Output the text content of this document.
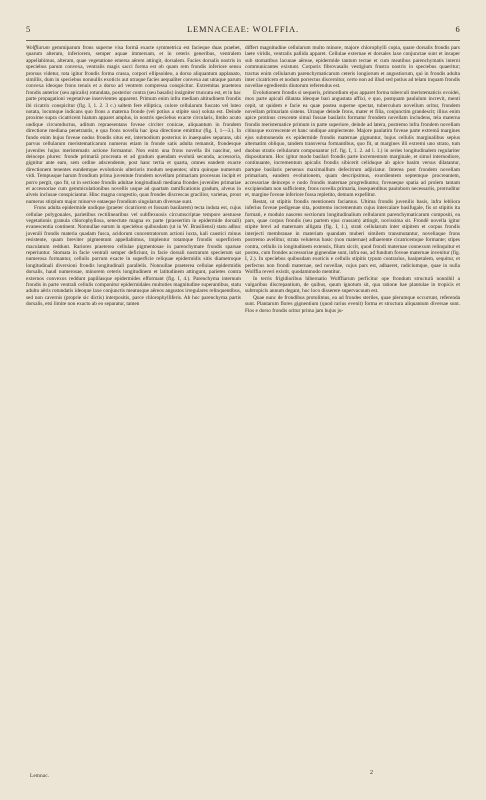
5	LEMNACEAE: WOLFFIA.	6

Wolffiarum gemmiparum frons superne visa formā exacte symmetrica est facieque duas praebet, quarum alteram, inferiorem, semper aquae immersam, et in ceteris generibus, ventralem appellabimus, alteram, quae vegetatione emersa aërem attingit, dorsalem. Facies dorsalis nostris in speciebus parum convexa, ventralis magis sacci forma est ob quam rem frondis inferiore sensu prorsus videtur, tota igitur frondis forma crassa, corpori ellipsoideo, a dorso aliquantum applanato, simillis, dum in speciebus nonnullis exoticis aut utraque facies aequaliter convexa aut utraque parum convexa ideoque frons tenuis et a dorso ad ventrem compressa conspicitur. Extremitas praeterea frondis anterior (seu apicalis) rotundata, posterior contra (seu basalis) insigniter truncata est, et in hac parte propagationi vegetativae inservientes apparent. Primum enim infra mediam altitudinem frondis ibi cicatrix conspicitur (fig. I, 1. 2. 3 c.) saltem fere elliptica, colore cellularum fuscato vel luteo notata, locumque indicans quo frons a materna fronde (vel potius a stipite suo) soluta est. Deinde proxime supra cicatricem hiatum apparet amplus, in nostris speciebus exacte circularis, limbo acuto undique circumductus, aditum repraesentans foveae circiter conicae, aliquantum in frondem directione mediana penetrantis, e qua frons novella hac ipsa directione emittitur (fig. I, 1—3.). In fundo enim hujus foveae nodus frondis situs est, internodium posterius in inaequales separans, ubi parvus cellularum meristematicarum numerus etiam in fronde satis adulta remansit, frondesque juveniles hujus meristematis actione formantur. Non enim una frons novella ibi nascitur, sed deinceps plures: fronde primariā procreata et ad gradum quendam evolutā secunda, accessoria, gignitur ante eam, sem ordine adscendente, post hanc tertia et quarta, omnes eandem exacte directionem tenentes eundemque evolutionis ulterioris modum sequentes; ultra quinque numerum vidi. Tempusque harum frondium prima juventute frondem novellam primariam processus incipit et porro pergit, quo fit, ut in sectione frondis adultae longitudinali mediana frondes juveniles primariae et accessoriae cum gemmiculationibus novellis usque ad quartam ramificationis gradum, alveus in alveis inclusae conspiciantur. Hinc magna congestio, quas frondes discrescas gracilior, varietas, prout numerus stirpium major minorve eataeque frondium singularum diversae sunt.

Frons adulta epidermide undique (praeter cicatricem et fossam basilarem) tecta induta est, cujus cellulae polygonales, parietibus rectilinearibus vel subflexuosis circumscriptae tempore aestuose vegetationis granula chlorophyllosa, senectute magna ex parte (praesertim in epidermide dorsali) evanescentia continent. Nonnullae earum in speciebus quibusdam (ut in W. Brasiliensi) statu adhuc juvenili frondis materia quadam fusca, acidorum concentratorum actioni iuxta, kali caustici minus resistente, quam breviter pigmentum appellabimus, implentur totamque frondis superficiem maculatum reddunt. Rariores praeterea cellulae pigmentosae in parenchymate frondis sparsae reperiuntur. Stomata in facie ventrali semper deficiunt, in facie dorsali nostrarum specierum sat numerosa formantur, cellulis porrum exacte in superficie reliquae epidermidis sitis diametroque longitudinali diversioni frondis longitudinali parallelis. Nonnullae praeterea cellulae epidermidis dorsalis, haud numerosae, minorem ceteris longitudinem et latitudinem attingunt, parietes contra externos convexos reddunt papillasque epidermides efformant (fig. I, 4.). Parenchyma internum frondis in parte ventrali cellulis componitur epidermidales multoties magnitudine superantibus, statu adulto aëris rotundatis ideoque laxe conjunctis meatusque aëreos angustos irregulares relinquentibus, sed non cavernis (proprie sic dictis) interpositis, parce chlorophylliferis. Ab hoc parenchyma partis dorsalis, etsi limite non exacto ab eo separatur, tamen

differt magnitudine cellularum multo minore, majore chlorophylli copia, quare dorsalis frondis pars laete viridis, ventralis pallida apparet. Cellulae externae et dorsales laxe conjunctae sunt et insuper sub stomatibus lacunae aëreae, epidermide tantum tectae et cum meatibus parenchymatis interni communicantes existunt. Corporis fibrovasalis vestigium frustra nostris in speciebus quaeritur; tractus enim cellularum parenchymaticarum ceteris longiorum et angustiorum, qui in frondis adulta inter cicatricem et nodum porrectus discernitur, certo non ad illud sed potius ad telam inquam frondis novellae egredientis diutorum referendus est.

Evolutionem frondis si sequeris, primordium ejus apparet forma tuberculi meristematicis ovoidei, mox parte apicali dilatata ideoque basi angustata affixi, e quo, postquam paululum increvit, menti cepit, ut quidem e facie ea quae postea superne spectat, tuberculum novellum oritur, frondem novellam primariam sistens. Utraque deinde frons, mater et filia, conjunctim grandescit; illius enim apice protinus crescente simul fossae basilaris formatur frondem novellam includens, tela materna frondis meristematice primum in parte superiore, deinde ad latera, postremo infra frondem novellam citiusque excrescente et hanc undique amplectente. Majore paulatim foveae parte extremā margines ejus submonendo ex epidermide frondis maternae gignuntur, hujus cellulis marginalibus sepius alternatim obliquo, tandem transversa formantibus, quo fit, ut margines illi extremi uno strato, tum duobus stratis cellularum componantur (cf. fig. I, 1. 2. ad l. 1.) in series longitudinalem regulariter dispositarum. Hoc igitur modo basilari frondis parte incrementum marginale, et simul internodiore, continuante, incrementum apicalis frondis sibicerit celiduque ab apice basim versus dilatantur, partque basilaris persenus maximaillum defecitrum adjiciatur. Interea post frondem novellam primariam, eandem evolutionem, quam descripsimus, exordientem septemque procreantem, accessoriae deinceps e nodo frondis maternae progrediuntur, foveaeque spatia ad prolem tantam excipiendam non sufficiente, frons novella primaria, insequentibus pauloborn necessariis, protruditur et, margine foveae inferiore fossa repletito, demum expellitur.

Restat, ut stipitis frondis mentionem faciamus. Ultima frondis juvenilis basis, infra lebliora inferius foveae pedigenae sita, postremo incrementum cujus intercalare basifugale, fis ut stipitis ita formati, e modulo nascens sectiorum longitudinalium cellularum parenchymaticarum compositi, ea pars, quae corpus frondis (seu partem ejus crassam) attingit, novissima sit. Frondē novella igitur stipite brevi ad maternam alligata (fig. I, 1.), strati cellularum inter stipitem et corpus frondis interjecti membranae in materiam quandam muberi similem transmutantur, novellaque frons postremo avellitur, strata veluterus basic (non maternae) adhaerente cicatricemque formante; stipes contra, cellulis in longitudinem extensis, filum siccit, quod frondi maternae connexum relinquitur et postea, cum frondes accessoriae gignendae sunt, infra eas, ad fundum foveae maternae invenitur (fig. I, 2.). In speciebus quibusdam exoticis e cellulis stipitis typum contrarius, basipetalem, sequitur, et perfectus non frondi maternae, sed novellae, cujus pars est, adhaeret, radiciumque, quae in nulla Wolffia reveri existit, quodammodo mentitur.

In terris frigidioribus hibernatio Wolffiarum perficitur ope frondum structurā nonnihil a vulgaribus discrepantium, de quibus, quum ignotum sit, qua ratione hae plantulae in tropicis et subtropicis annum degant, hoc loco disserere supervacuum est.

Quae nunc de frondibus protulimus, ea ad frondes steriles, quae plerumque occurrunt, referenda sunt. Plantarum flores gignentium (quod rarius evenit) forma et structura aliquantum diversae sunt. Flos e dorso frondis oritur prima jam hujus ju-

Lemnac.
2
